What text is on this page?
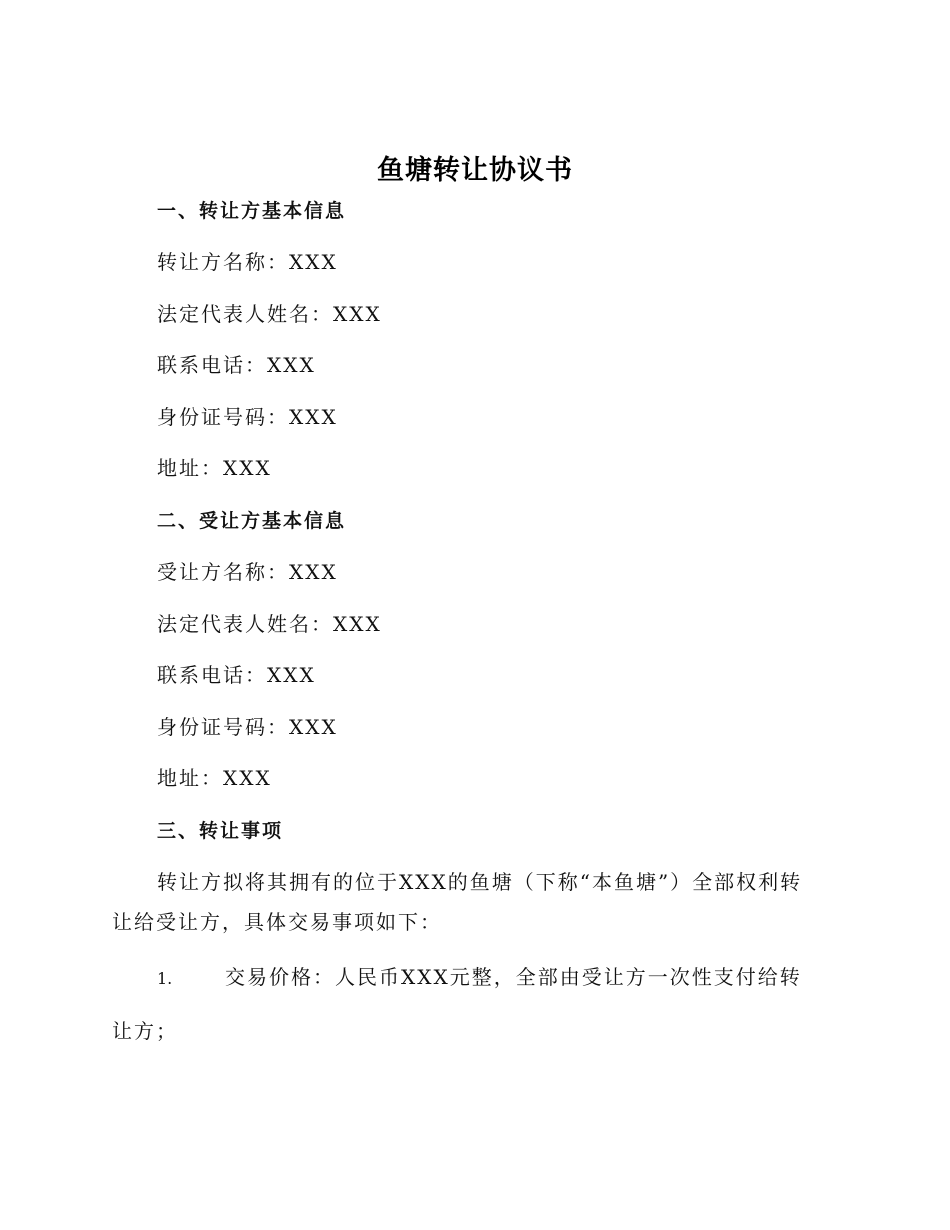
鱼塘转让协议书
一、转让方基本信息
转让方名称：XXX
法定代表人姓名：XXX
联系电话：XXX
身份证号码：XXX
地址：XXX
二、受让方基本信息
受让方名称：XXX
法定代表人姓名：XXX
联系电话：XXX
身份证号码：XXX
地址：XXX
三、转让事项
转让方拟将其拥有的位于XXX的鱼塘（下称“本鱼塘”）全部权利转让给受让方，具体交易事项如下：
1.	交易价格：人民币XXX元整，全部由受让方一次性支付给转让方；
